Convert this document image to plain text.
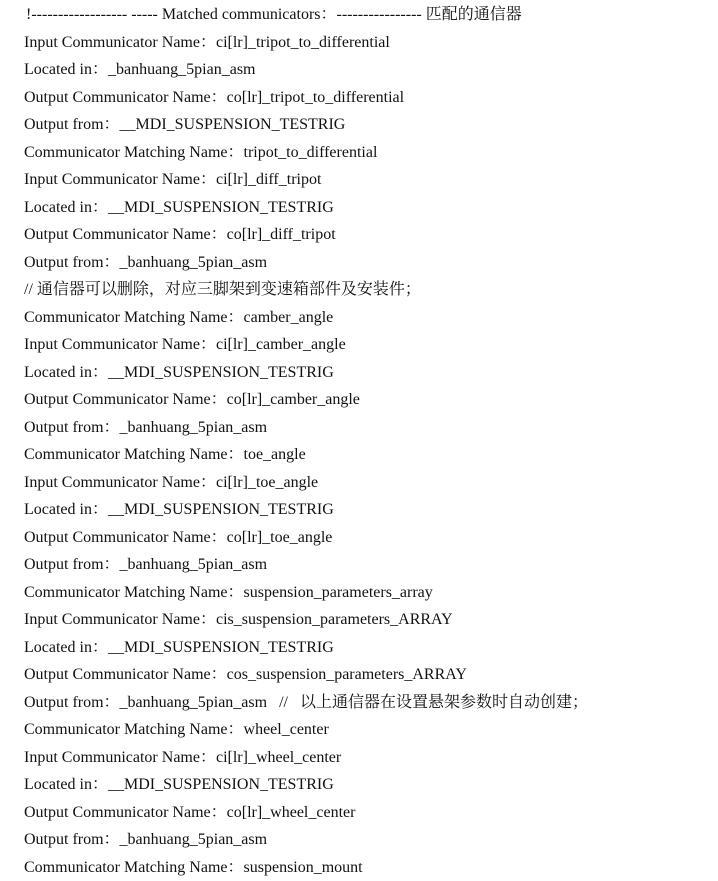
!------------------ ----- Matched communicators：---------------- 匹配的通信器
Input Communicator Name：ci[lr]_tripot_to_differential
Located in：_banhuang_5pian_asm
Output Communicator Name：co[lr]_tripot_to_differential
Output from：__MDI_SUSPENSION_TESTRIG
Communicator Matching Name：tripot_to_differential
Input Communicator Name：ci[lr]_diff_tripot
Located in：__MDI_SUSPENSION_TESTRIG
Output Communicator Name：co[lr]_diff_tripot
Output from：_banhuang_5pian_asm
// 通信器可以删除，对应三脚架到变速箱部件及安装件；
Communicator Matching Name：camber_angle
Input Communicator Name：ci[lr]_camber_angle
Located in：__MDI_SUSPENSION_TESTRIG
Output Communicator Name：co[lr]_camber_angle
Output from：_banhuang_5pian_asm
Communicator Matching Name：toe_angle
Input Communicator Name：ci[lr]_toe_angle
Located in：__MDI_SUSPENSION_TESTRIG
Output Communicator Name：co[lr]_toe_angle
Output from：_banhuang_5pian_asm
Communicator Matching Name：suspension_parameters_array
Input Communicator Name：cis_suspension_parameters_ARRAY
Located in：__MDI_SUSPENSION_TESTRIG
Output Communicator Name：cos_suspension_parameters_ARRAY
Output from：_banhuang_5pian_asm   //   以上通信器在设置悬架参数时自动创建；
Communicator Matching Name：wheel_center
Input Communicator Name：ci[lr]_wheel_center
Located in：__MDI_SUSPENSION_TESTRIG
Output Communicator Name：co[lr]_wheel_center
Output from：_banhuang_5pian_asm
Communicator Matching Name：suspension_mount
